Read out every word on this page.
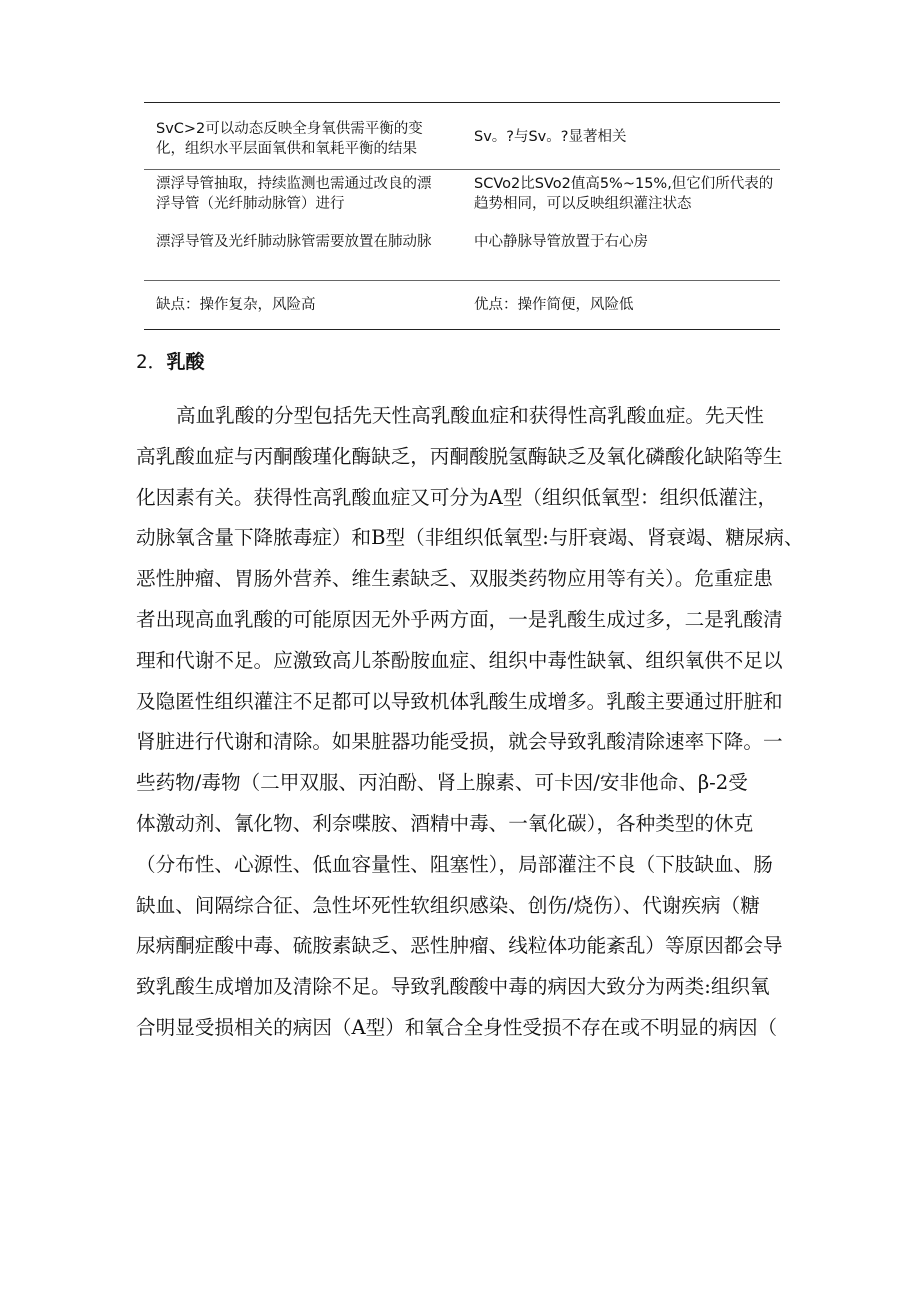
SvC>2可以动态反映全身氧供需平衡的变
化，组织水平层面氧供和氧耗平衡的结果
Sv。?与Sv。?显著相关
漂浮导管抽取，持续监测也需通过改良的漂
浮导管（光纤肺动脉管）进行
SCVo2比SVo2值高5%~15%,但它们所代表的
趋势相同，可以反映组织灌注状态
漂浮导管及光纤肺动脉管需要放置在肺动脉	中心静脉导管放置于右心房
缺点：操作复杂，风险高	优点：操作简便，风险低
2．乳酸
高血乳酸的分型包括先天性高乳酸血症和获得性高乳酸血症。先天性
高乳酸血症与丙酮酸瑾化酶缺乏，丙酮酸脱氢酶缺乏及氧化磷酸化缺陷等生
化因素有关。获得性高乳酸血症又可分为A型（组织低氧型：组织低灌注，
动脉氧含量下降脓毒症）和B型（非组织低氧型:与肝衰竭、肾衰竭、糖尿病、
恶性肿瘤、胃肠外营养、维生素缺乏、双服类药物应用等有关）。危重症患
者出现高血乳酸的可能原因无外乎两方面，一是乳酸生成过多，二是乳酸清
理和代谢不足。应激致高儿茶酚胺血症、组织中毒性缺氧、组织氧供不足以
及隐匿性组织灌注不足都可以导致机体乳酸生成增多。乳酸主要通过肝脏和
肾脏进行代谢和清除。如果脏器功能受损，就会导致乳酸清除速率下降。一
些药物/毒物（二甲双服、丙泊酚、肾上腺素、可卡因/安非他命、β-2受
体激动剂、氰化物、利奈喋胺、酒精中毒、一氧化碳），各种类型的休克
（分布性、心源性、低血容量性、阻塞性），局部灌注不良（下肢缺血、肠
缺血、间隔综合征、急性坏死性软组织感染、创伤/烧伤）、代谢疾病（糖
尿病酮症酸中毒、硫胺素缺乏、恶性肿瘤、线粒体功能紊乱）等原因都会导
致乳酸生成增加及清除不足。导致乳酸酸中毒的病因大致分为两类:组织氧
合明显受损相关的病因（A型）和氧合全身性受损不存在或不明显的病因（
